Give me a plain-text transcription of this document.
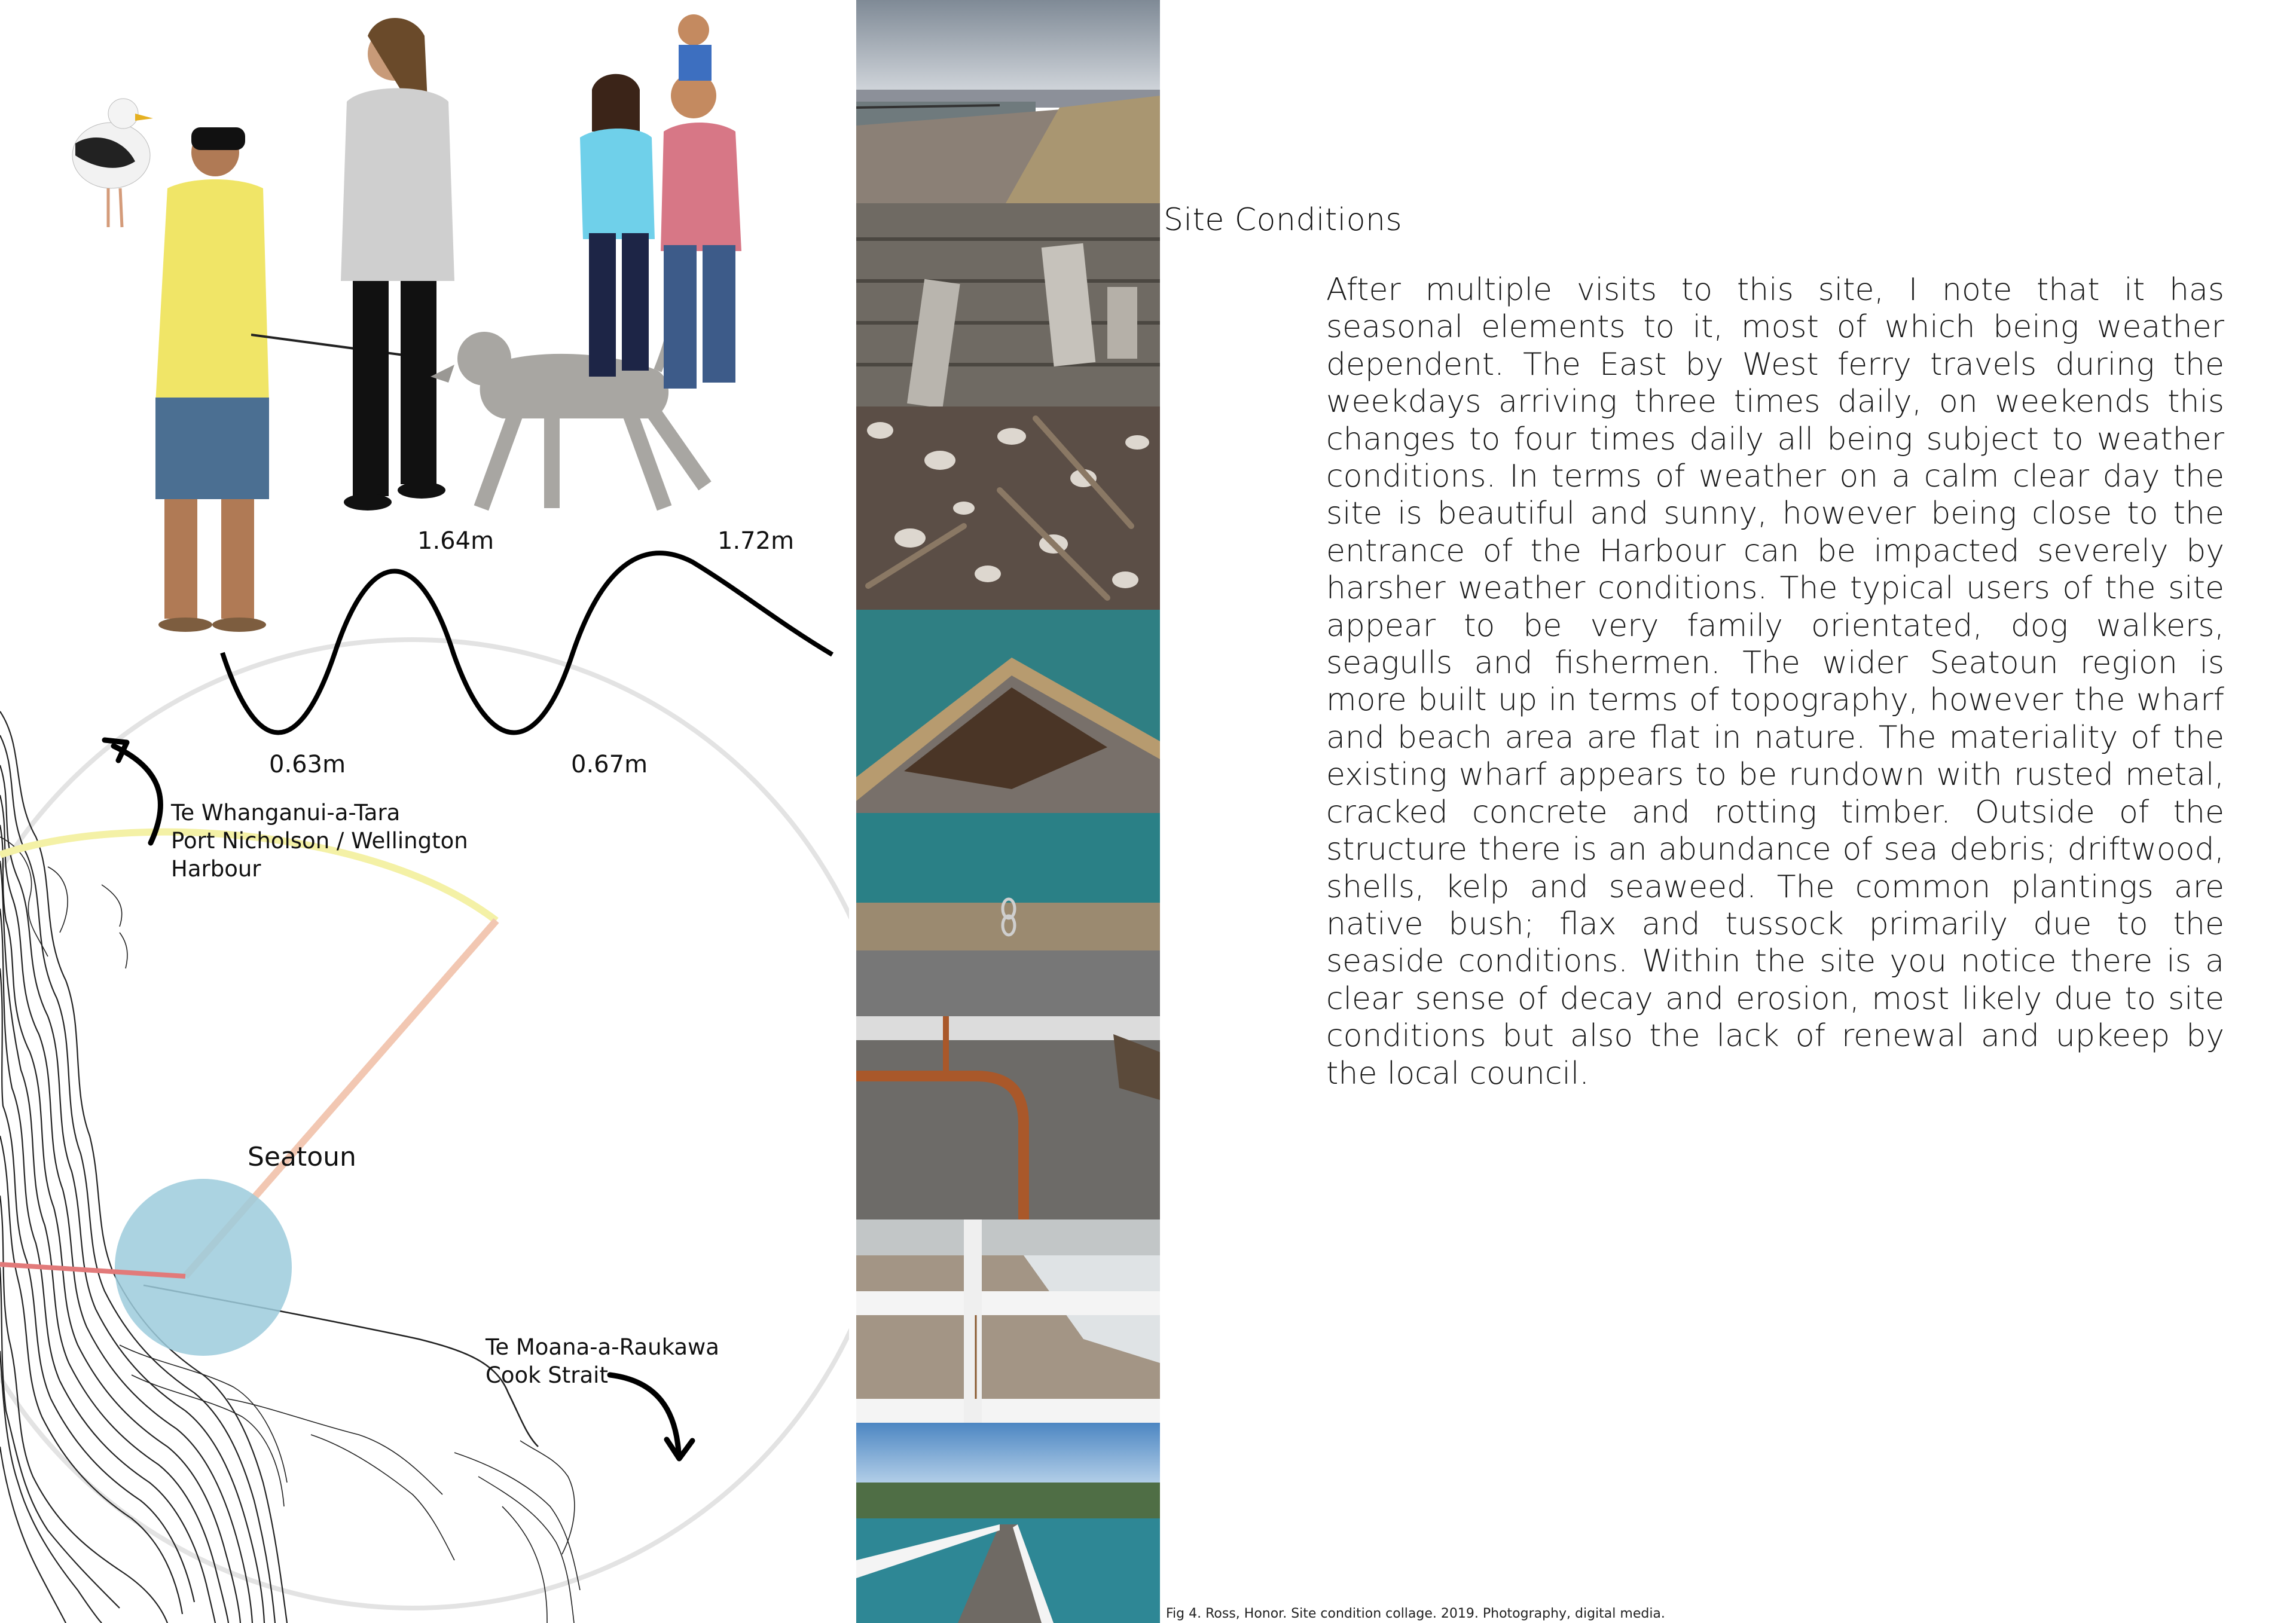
1.64m	1.72m
0.63m	0.67m
Te Whanganui-a-Tara
Port Nicholson / Wellington
Harbour
Seatoun
Te Moana-a-Raukawa
Cook Strait
Site Conditions
After multiple visits to this site, I note that it has seasonal elements to it, most of which being weather dependent. The East by West ferry travels during the weekdays arriving three times daily, on weekends this changes to four times daily all being subject to weather conditions. In terms of weather on a calm clear day the site is beautiful and sunny, however being close to the entrance of the Harbour can be impacted severely by harsher weather conditions. The typical users of the site appear to be very family orientated, dog walkers, seagulls and fishermen. The wider Seatoun region is more built up in terms of topography, however the wharf and beach area are flat in nature. The materiality of the existing wharf appears to be rundown with rusted metal, cracked concrete and rotting timber. Outside of the structure there is an abundance of sea debris; driftwood, shells, kelp and seaweed. The common plantings are native bush; flax and tussock primarily due to the seaside conditions. Within the site you notice there is a clear sense of decay and erosion, most likely due to site conditions but also the lack of renewal and upkeep by the local council.
Fig 4. Ross, Honor. Site condition collage. 2019. Photography, digital media.
